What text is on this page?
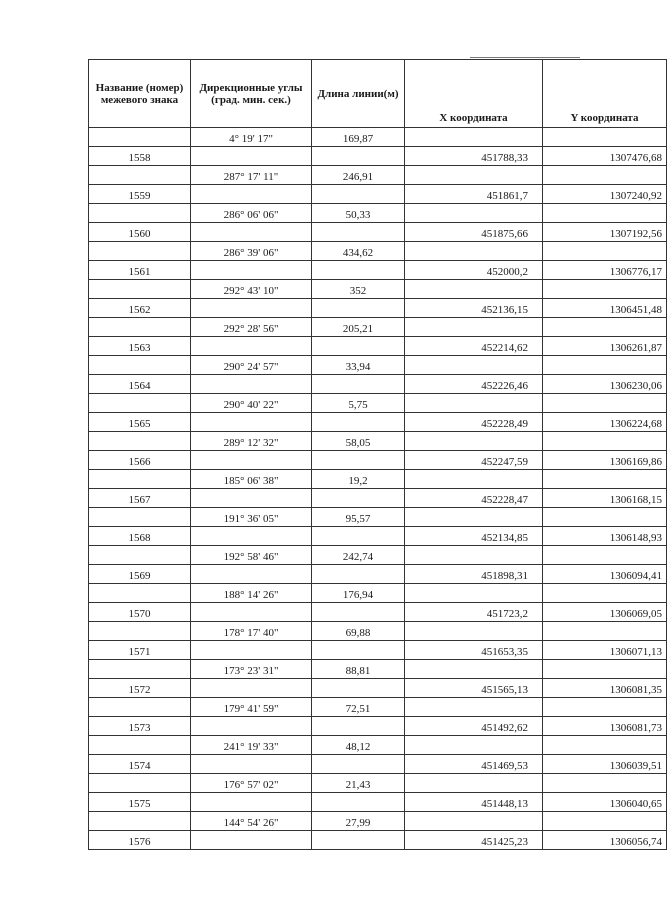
Название (номер) межевого знака	Дирекционные углы (град. мин. сек.)	Длина линии(м)	X координата	Y координата
	4° 19' 17"	169,87		
1558			451788,33	1307476,68
	287° 17' 11"	246,91		
1559			451861,7	1307240,92
	286° 06' 06"	50,33		
1560			451875,66	1307192,56
	286° 39' 06"	434,62		
1561			452000,2	1306776,17
	292° 43' 10"	352		
1562			452136,15	1306451,48
	292° 28' 56"	205,21		
1563			452214,62	1306261,87
	290° 24' 57"	33,94		
1564			452226,46	1306230,06
	290° 40' 22"	5,75		
1565			452228,49	1306224,68
	289° 12' 32"	58,05		
1566			452247,59	1306169,86
	185° 06' 38"	19,2		
1567			452228,47	1306168,15
	191° 36' 05"	95,57		
1568			452134,85	1306148,93
	192° 58' 46"	242,74		
1569			451898,31	1306094,41
	188° 14' 26"	176,94		
1570			451723,2	1306069,05
	178° 17' 40"	69,88		
1571			451653,35	1306071,13
	173° 23' 31"	88,81		
1572			451565,13	1306081,35
	179° 41' 59"	72,51		
1573			451492,62	1306081,73
	241° 19' 33"	48,12		
1574			451469,53	1306039,51
	176° 57' 02"	21,43		
1575			451448,13	1306040,65
	144° 54' 26"	27,99		
1576			451425,23	1306056,74
